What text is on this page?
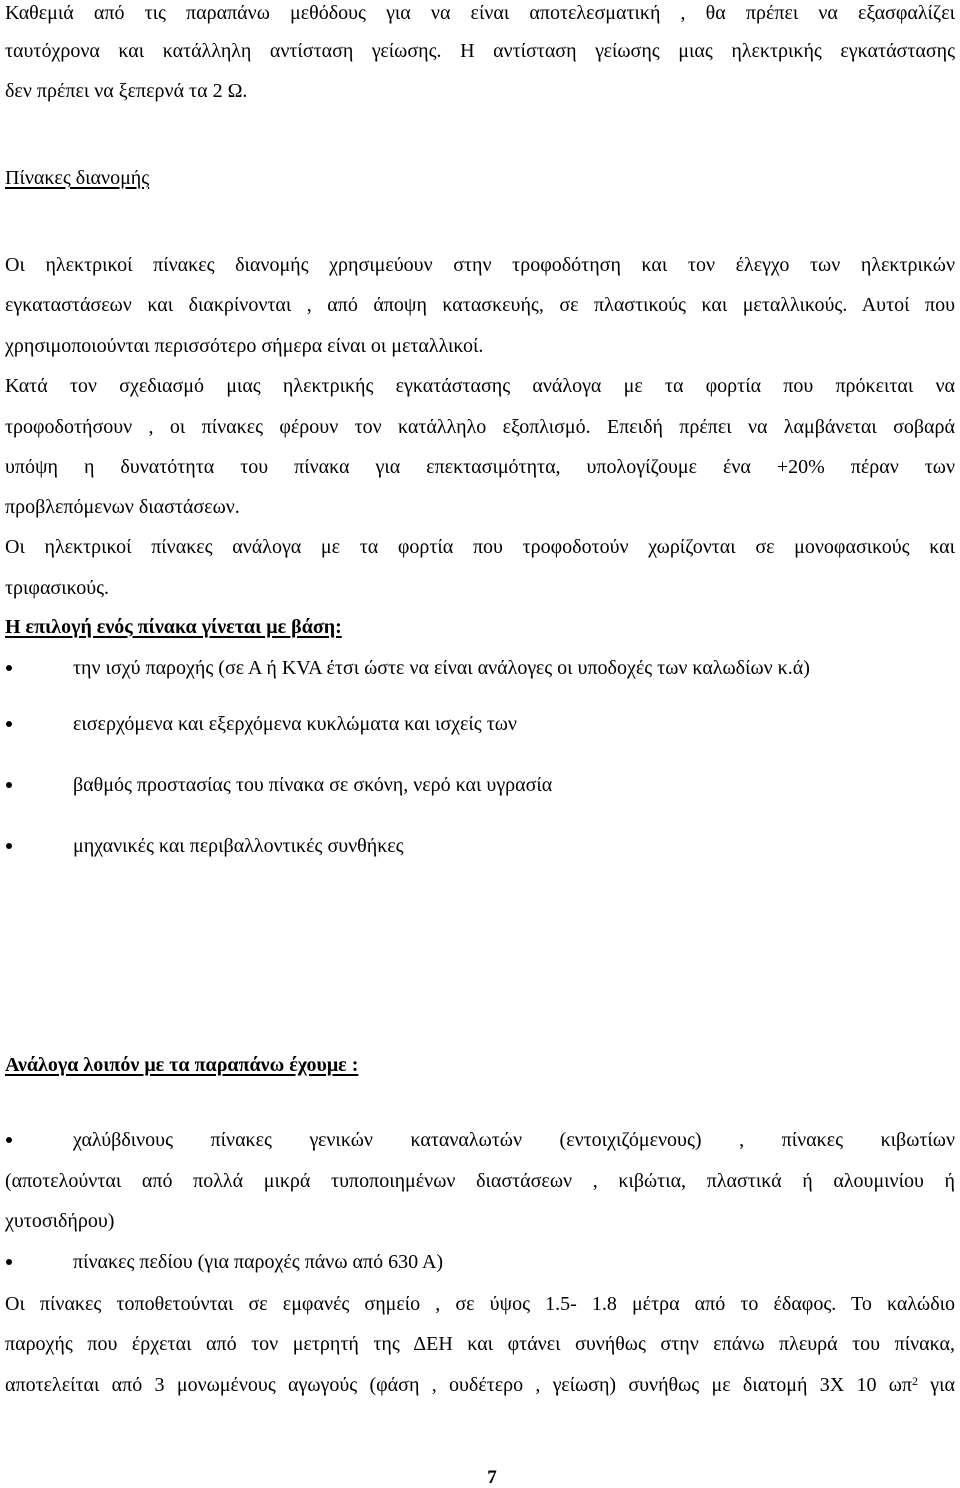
Καθεμιά από τις παραπάνω μεθόδους για να είναι αποτελεσματική , θα πρέπει να εξασφαλίζει
ταυτόχρονα και κατάλληλη αντίσταση γείωσης. Η αντίσταση γείωσης μιας ηλεκτρικής εγκατάστασης
δεν πρέπει να ξεπερνά τα 2 Ω.
Πίνακες διανομής
Οι ηλεκτρικοί πίνακες διανομής χρησιμεύουν στην τροφοδότηση και τον έλεγχο των ηλεκτρικών
εγκαταστάσεων και διακρίνονται , από άποψη κατασκευής, σε πλαστικούς και μεταλλικούς. Αυτοί που
χρησιμοποιούνται περισσότερο σήμερα είναι οι μεταλλικοί.
Κατά τον σχεδιασμό μιας ηλεκτρικής εγκατάστασης ανάλογα με τα φορτία που πρόκειται να
τροφοδοτήσουν , οι πίνακες φέρουν τον κατάλληλο εξοπλισμό. Επειδή πρέπει να λαμβάνεται σοβαρά
υπόψη η δυνατότητα του πίνακα για επεκτασιμότητα, υπολογίζουμε ένα +20% πέραν των
προβλεπόμενων διαστάσεων.
Οι ηλεκτρικοί πίνακες ανάλογα με τα φορτία που τροφοδοτούν χωρίζονται σε μονοφασικούς και
τριφασικούς.
Η επιλογή ενός πίνακα γίνεται με βάση:
την ισχύ παροχής (σε Α ή KVA έτσι ώστε να είναι ανάλογες οι υποδοχές των καλωδίων κ.ά)
εισερχόμενα και εξερχόμενα κυκλώματα και ισχείς των
βαθμός προστασίας του πίνακα σε σκόνη, νερό και υγρασία
μηχανικές και περιβαλλοντικές συνθήκες
Ανάλογα λοιπόν με τα παραπάνω έχουμε :
χαλύβδινους πίνακες γενικών καταναλωτών (εντοιχιζόμενους) , πίνακες κιβωτίων
(αποτελούνται από πολλά μικρά τυποποιημένων διαστάσεων , κιβώτια, πλαστικά ή αλουμινίου ή
χυτοσιδήρου)
πίνακες πεδίου (για παροχές πάνω από 630 Α)
Οι πίνακες τοποθετούνται σε εμφανές σημείο , σε ύψος 1.5- 1.8 μέτρα από το έδαφος. Το καλώδιο
παροχής που έρχεται από τον μετρητή της ΔΕΗ και φτάνει συνήθως στην επάνω πλευρά του πίνακα,
αποτελείται από 3 μονωμένους αγωγούς (φάση , ουδέτερο , γείωση) συνήθως με διατομή 3Χ 10 $\omega\pi^2$ για
7
